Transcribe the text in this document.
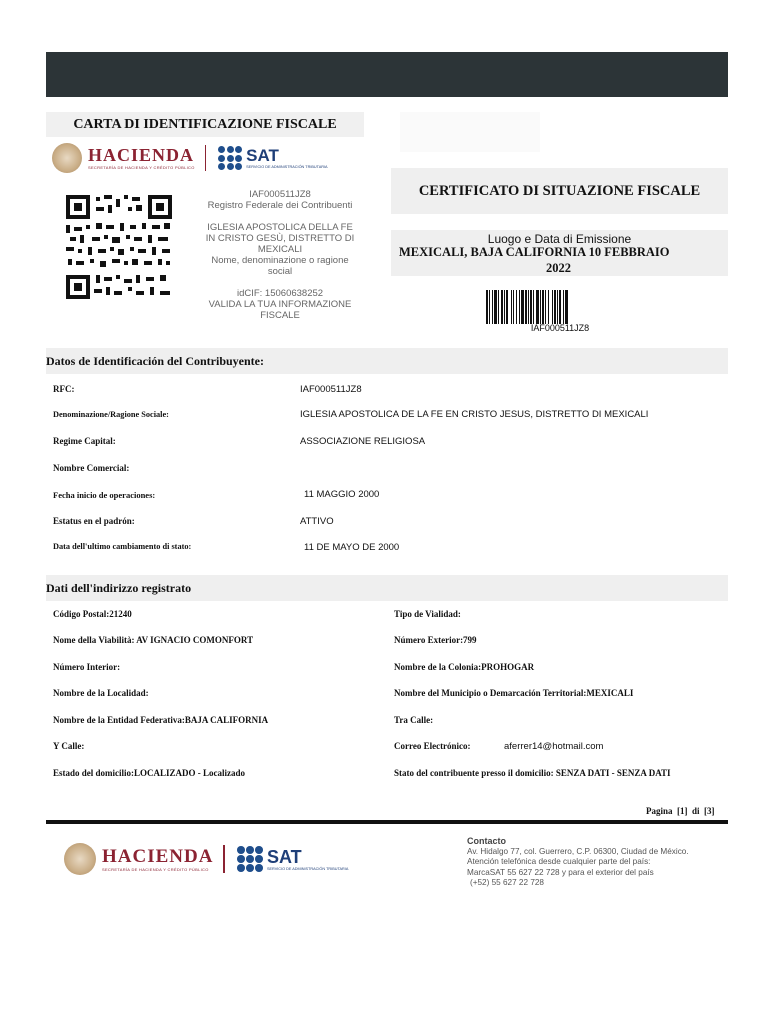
CARTA DI IDENTIFICAZIONE FISCALE
HACIENDA
SECRETARÍA DE HACIENDA Y CRÉDITO PÚBLICO
SAT
SERVICIO DE ADMINISTRACIÓN TRIBUTARIA
IAF000511JZ8
Registro Federale dei Contribuenti
IGLESIA APOSTOLICA DELLA FE
IN CRISTO GESÙ, DISTRETTO DI
MEXICALI
Nome, denominazione o ragione
social
idCIF: 15060638252
VALIDA LA TUA INFORMAZIONE
FISCALE
CERTIFICATO DI SITUAZIONE FISCALE
Luogo e Data di Emissione
MEXICALI, BAJA CALIFORNIA 10 FEBBRAIO
2022
IAF000511JZ8
Datos de Identificación del Contribuyente:
RFC:	IAF000511JZ8
Denominazione/Ragione Sociale:	IGLESIA APOSTOLICA DE LA FE EN CRISTO JESUS, DISTRETTO DI MEXICALI
Regime Capital:	ASSOCIAZIONE RELIGIOSA
Nombre Comercial:
Fecha inicio de operaciones:	11 MAGGIO 2000
Estatus en el padrón:	ATTIVO
Data dell'ultimo cambiamento di stato:	11 DE MAYO DE 2000
Dati dell'indirizzo registrato
Código Postal:21240
Nome della Viabilità: AV IGNACIO COMONFORT
Número Interior:
Nombre de la Localidad:
Nombre de la Entidad Federativa:BAJA CALIFORNIA
Y Calle:
Estado del domicilio:LOCALIZADO - Localizado
Tipo de Vialidad:
Número Exterior:799
Nombre de la Colonia:PROHOGAR
Nombre del Municipio o Demarcación Territorial:MEXICALI
Tra Calle:
Correo Electrónico:	aferrer14@hotmail.com
Stato del contribuente presso il domicilio: SENZA DATI - SENZA DATI
Pagina  [1]  di  [3]
HACIENDA
SECRETARÍA DE HACIENDA Y CRÉDITO PÚBLICO
SAT
SERVICIO DE ADMINISTRACIÓN TRIBUTARIA
Contacto
Av. Hidalgo 77, col. Guerrero, C.P. 06300, Ciudad de México.
Atención telefónica desde cualquier parte del país:
MarcaSAT 55 627 22 728 y para el exterior del país
(+52) 55 627 22 728
